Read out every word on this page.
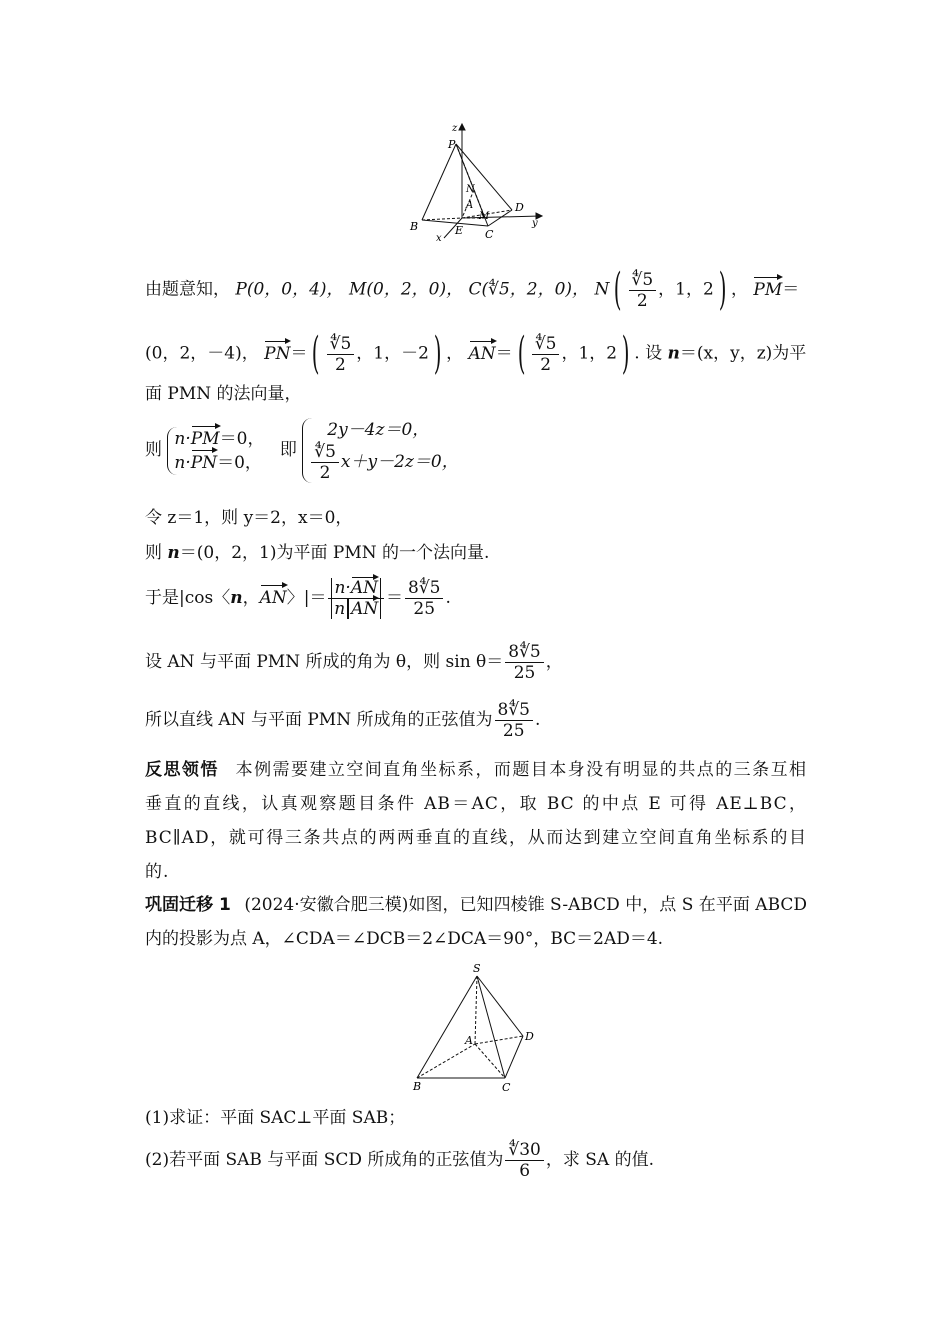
z
P
N
A
M
D
y
B
x
E C
由题意知， P(0，0，4)， M(0，2，0)， C(∜5，2，0)， N ( $\frac{∜5}{2}$ ，1，2 ) ， PM＝
(0，2，－4)， PN＝ ( $\frac{∜5}{2}$ ，1，－2 ) ， AN＝ ( $\frac{∜5}{2}$ ，1，2 ) . 设 n＝(x，y，z)为平
面 PMN 的法向量，
则
n·PM＝0，
n·PN＝0，
即
2y－4z＝0，
$\frac{∜5}{2} x+y-2z=0$，
令 z＝1，则 y＝2，x＝0，
则 n＝(0，2，1)为平面 PMN 的一个法向量.
于是|cos〈n，AN〉|＝ $\frac{n\cdot AN}{\text{n AN}} = \frac{8∜5}{25}$ .
设 AN 与平面 PMN 所成的角为 θ，则 $\sin \theta= \frac{8∜5}{25}$ ，
所以直线 AN 与平面 PMN 所成角的正弦值为 $\frac{8∜5}{25}$ .
反思领悟 本例需要建立空间直角坐标系，而题目本身没有明显的共点的三条互相垂直的直线，认真观察题目条件 AB＝AC，取 BC 的中点 E 可得 AE⊥BC，BC∥AD，就可得三条共点的两两垂直的直线，从而达到建立空间直角坐标系的目的.
巩固迁移 1 (2024·安徽合肥三模)如图，已知四棱锥 S-ABCD 中，点 S 在平面 ABCD 内的投影为点 A，∠CDA＝∠DCB＝2∠DCA＝90°，BC＝2AD＝4.
S
A	D
B	C
(1)求证：平面 SAC⊥平面 SAB；
(2)若平面 SAB 与平面 SCD 所成角的正弦值为 $\frac{∜30}{6}$ ，求 SA 的值.
